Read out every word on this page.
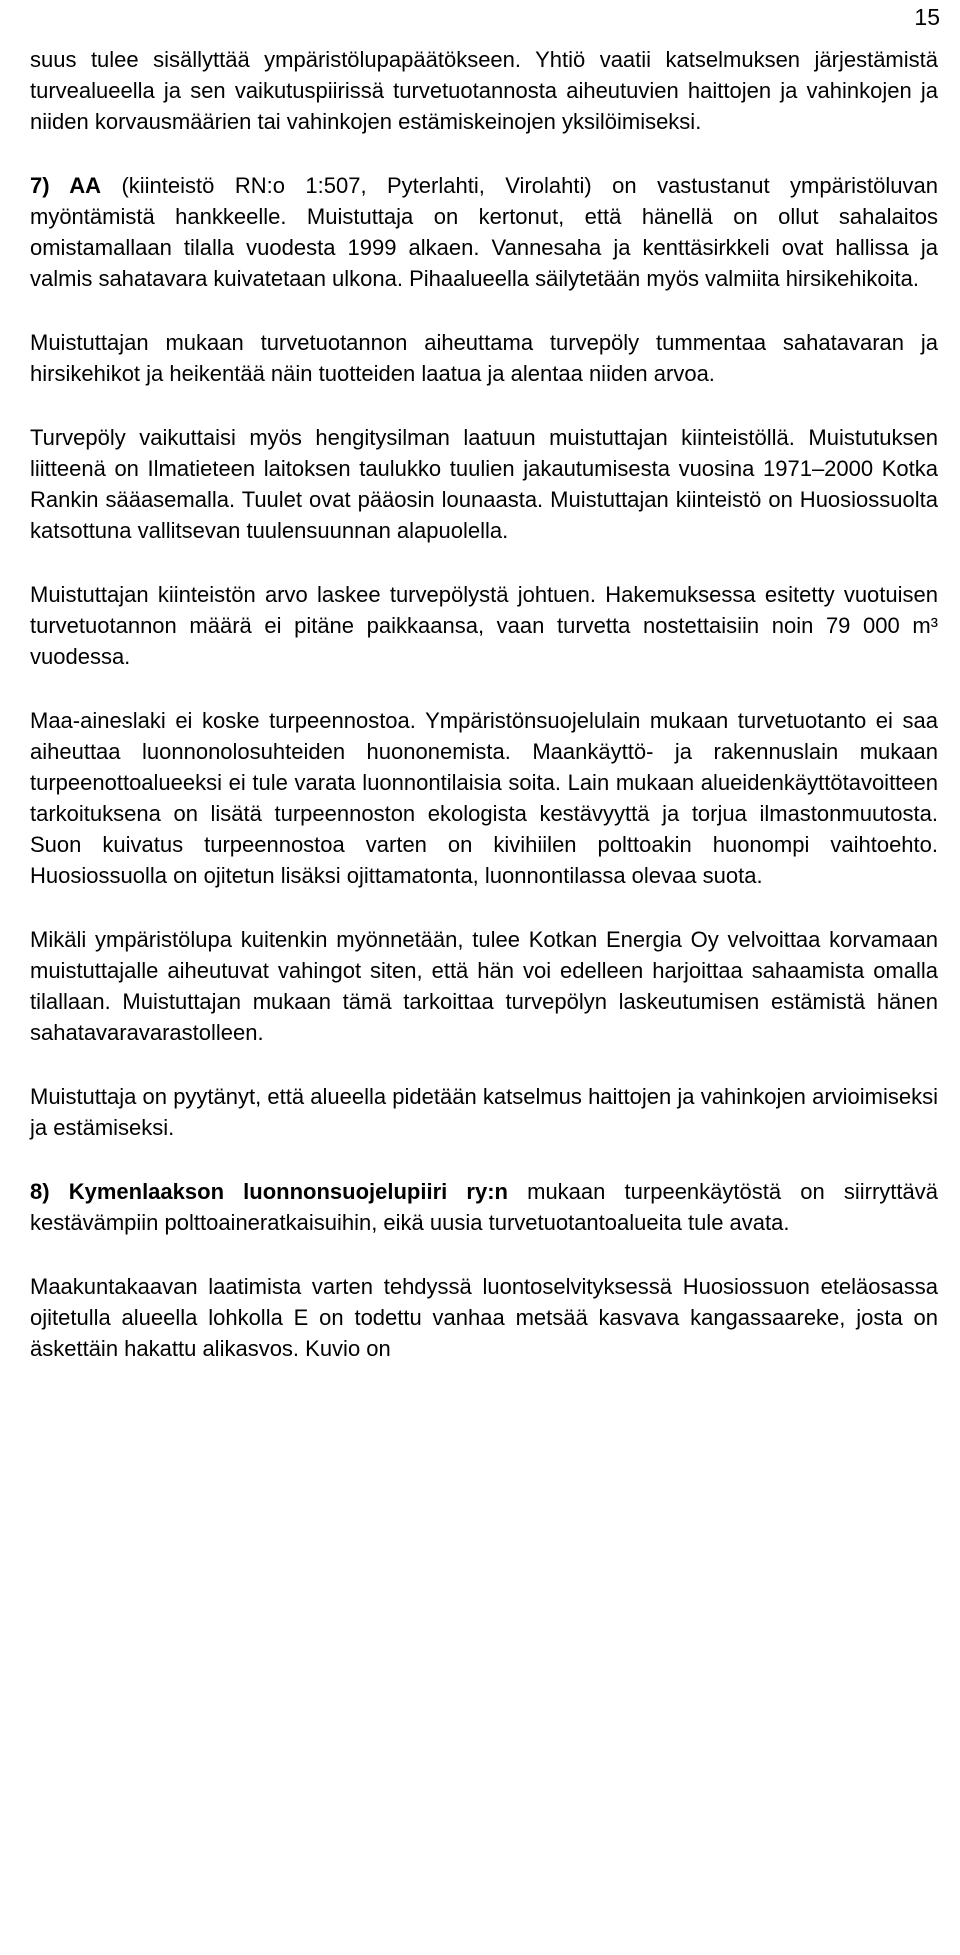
15

suus tulee sisällyttää ympäristölupapäätökseen. Yhtiö vaatii katselmuksen järjestämistä turvealueella ja sen vaikutuspiirissä turvetuotannosta aiheutuvien haittojen ja vahinkojen ja niiden korvausmäärien tai vahinkojen estämiskeinojen yksilöimiseksi.

7) AA (kiinteistö RN:o 1:507, Pyterlahti, Virolahti) on vastustanut ympäristöluvan myöntämistä hankkeelle. Muistuttaja on kertonut, että hänellä on ollut sahalaitos omistamallaan tilalla vuodesta 1999 alkaen. Vannesaha ja kenttäsirkkeli ovat hallissa ja valmis sahatavara kuivatetaan ulkona. Pihaalueella säilytetään myös valmiita hirsikehikoita.

Muistuttajan mukaan turvetuotannon aiheuttama turvepöly tummentaa sahatavaran ja hirsikehikot ja heikentää näin tuotteiden laatua ja alentaa niiden arvoa.

Turvepöly vaikuttaisi myös hengitysilman laatuun muistuttajan kiinteistöllä. Muistutuksen liitteenä on Ilmatieteen laitoksen taulukko tuulien jakautumisesta vuosina 1971–2000 Kotka Rankin sääasemalla. Tuulet ovat pääosin lounaasta. Muistuttajan kiinteistö on Huosiossuolta katsottuna vallitsevan tuulensuunnan alapuolella.

Muistuttajan kiinteistön arvo laskee turvepölystä johtuen. Hakemuksessa esitetty vuotuisen turvetuotannon määrä ei pitäne paikkaansa, vaan turvetta nostettaisiin noin 79 000 m³ vuodessa.

Maa-aineslaki ei koske turpeennostoa. Ympäristönsuojelulain mukaan turvetuotanto ei saa aiheuttaa luonnonolosuhteiden huononemista. Maankäyttö- ja rakennuslain mukaan turpeenottoalueeksi ei tule varata luonnontilaisia soita. Lain mukaan alueidenkäyttötavoitteen tarkoituksena on lisätä turpeennoston ekologista kestävyyttä ja torjua ilmastonmuutosta. Suon kuivatus turpeennostoa varten on kivihiilen polttoakin huonompi vaihtoehto. Huosiossuolla on ojitetun lisäksi ojittamatonta, luonnontilassa olevaa suota.

Mikäli ympäristölupa kuitenkin myönnetään, tulee Kotkan Energia Oy velvoittaa korvamaan muistuttajalle aiheutuvat vahingot siten, että hän voi edelleen harjoittaa sahaamista omalla tilallaan. Muistuttajan mukaan tämä tarkoittaa turvepölyn laskeutumisen estämistä hänen sahatavaravarastolleen.

Muistuttaja on pyytänyt, että alueella pidetään katselmus haittojen ja vahinkojen arvioimiseksi ja estämiseksi.

8) Kymenlaakson luonnonsuojelupiiri ry:n mukaan turpeenkäytöstä on siirryttävä kestävämpiin polttoaineratkaisuihin, eikä uusia turvetuotantoalueita tule avata.

Maakuntakaavan laatimista varten tehdyssä luontoselvityksessä Huosiossuon eteläosassa ojitetulla alueella lohkolla E on todettu vanhaa metsää kasvava kangassaareke, josta on äskettäin hakattu alikasvos. Kuvio on
